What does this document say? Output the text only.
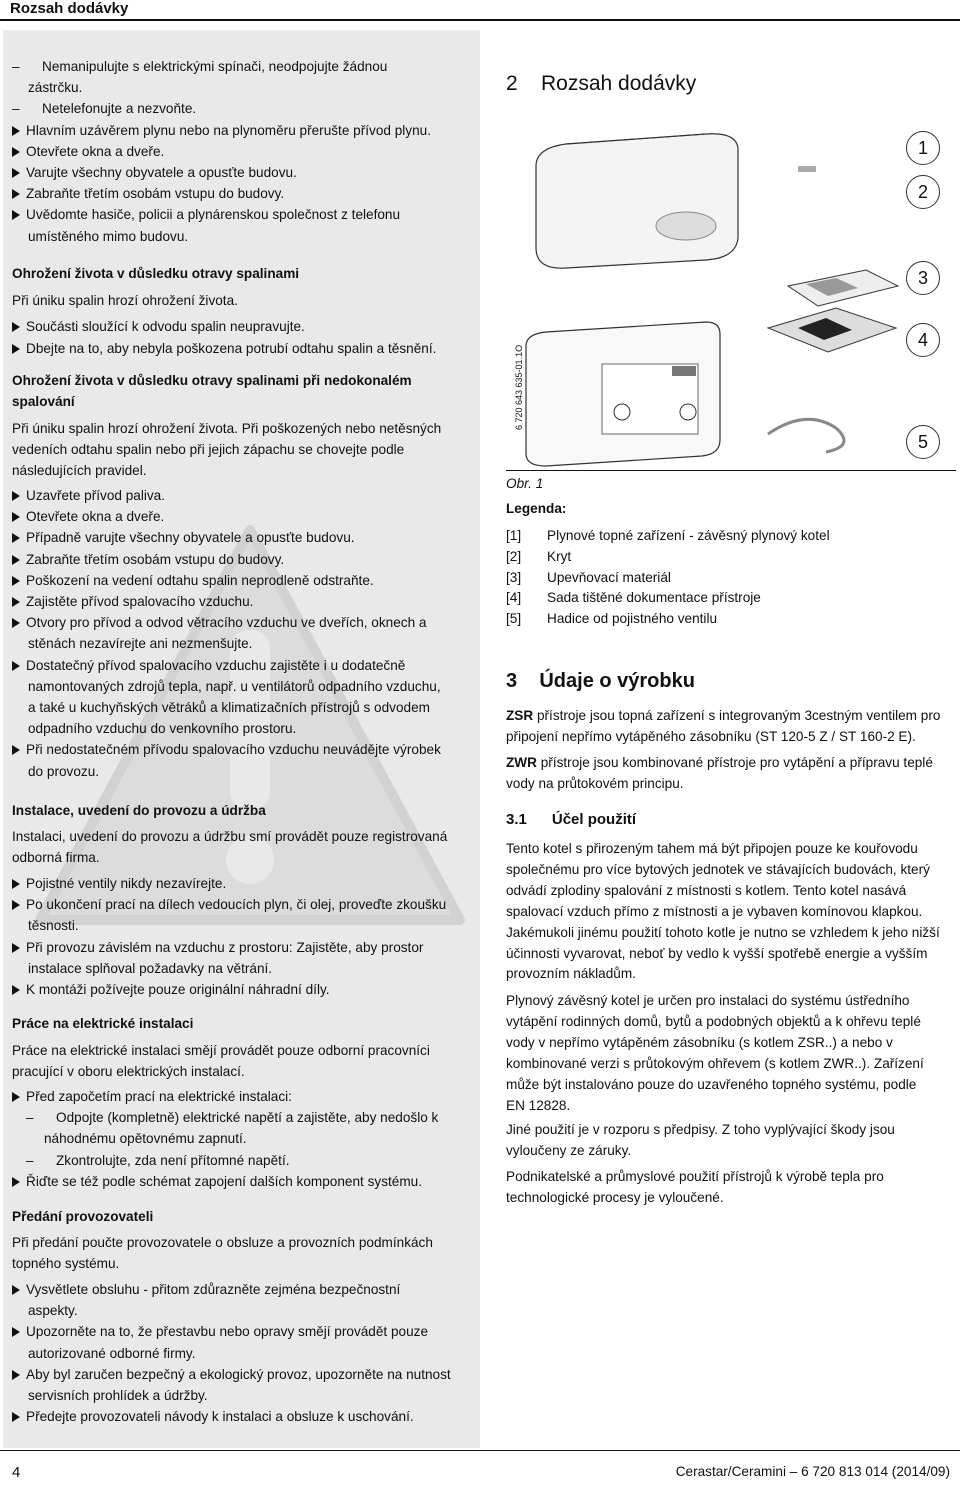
Rozsah dodávky
– Nemanipulujte s elektrickými spínači, neodpojujte žádnou
zástrčku.
– Netelefonujte a nezvoňte.
Hlavním uzávěrem plynu nebo na plynoměru přerušte přívod plynu.
Otevřete okna a dveře.
Varujte všechny obyvatele a opusťte budovu.
Zabraňte třetím osobám vstupu do budovy.
Uvědomte hasiče, policii a plynárenskou společnost z telefonu
umístěného mimo budovu.
Ohrožení života v důsledku otravy spalinami
Při úniku spalin hrozí ohrožení života.
Součásti sloužící k odvodu spalin neupravujte.
Dbejte na to, aby nebyla poškozena potrubí odtahu spalin a těsnění.
Ohrožení života v důsledku otravy spalinami při nedokonalém
spalování
Při úniku spalin hrozí ohrožení života. Při poškozených nebo netěsných
vedeních odtahu spalin nebo při jejich zápachu se chovejte podle
následujících pravidel.
Uzavřete přívod paliva.
Otevřete okna a dveře.
Případně varujte všechny obyvatele a opusťte budovu.
Zabraňte třetím osobám vstupu do budovy.
Poškození na vedení odtahu spalin neprodleně odstraňte.
Zajistěte přívod spalovacího vzduchu.
Otvory pro přívod a odvod větracího vzduchu ve dveřích, oknech a
stěnách nezavírejte ani nezmenšujte.
Dostatečný přívod spalovacího vzduchu zajistěte i u dodatečně
namontovaných zdrojů tepla, např. u ventilátorů odpadního vzduchu,
a také u kuchyňských větráků a klimatizačních přístrojů s odvodem
odpadního vzduchu do venkovního prostoru.
Při nedostatečném přívodu spalovacího vzduchu neuvádějte výrobek
do provozu.
Instalace, uvedení do provozu a údržba
Instalaci, uvedení do provozu a údržbu smí provádět pouze registrovaná
odborná firma.
Pojistné ventily nikdy nezavírejte.
Po ukončení prací na dílech vedoucích plyn, či olej, proveďte zkoušku
těsnosti.
Při provozu závislém na vzduchu z prostoru: Zajistěte, aby prostor
instalace splňoval požadavky na větrání.
K montáži požívejte pouze originální náhradní díly.
Práce na elektrické instalaci
Práce na elektrické instalaci smějí provádět pouze odborní pracovníci
pracující v oboru elektrických instalací.
Před započetím prací na elektrické instalaci:
– Odpojte (kompletně) elektrické napětí a zajistěte, aby nedošlo k
náhodnému opětovnému zapnutí.
– Zkontrolujte, zda není přítomné napětí.
Řiďte se též podle schémat zapojení dalších komponent systému.
Předání provozovateli
Při předání poučte provozovatele o obsluze a provozních podmínkách
topného systému.
Vysvětlete obsluhu - přitom zdůrazněte zejména bezpečnostní
aspekty.
Upozorněte na to, že přestavbu nebo opravy smějí provádět pouze
autorizované odborné firmy.
Aby byl zaručen bezpečný a ekologický provoz, upozorněte na nutnost
servisních prohlídek a údržby.
Předejte provozovateli návody k instalaci a obsluze k uschování.
2    Rozsah dodávky
6 720 643 635-01.1O
1
2
3
4
5
Obr. 1
Legenda:
[1] Plynové topné zařízení - závěsný plynový kotel
[2] Kryt
[3] Upevňovací materiál
[4] Sada tištěné dokumentace přístroje
[5] Hadice od pojistného ventilu
3    Údaje o výrobku
ZSR přístroje jsou topná zařízení s integrovaným 3cestným ventilem pro
připojení nepřímo vytápěného zásobníku (ST 120-5 Z / ST 160-2 E).
ZWR přístroje jsou kombinované přístroje pro vytápění a přípravu teplé
vody na průtokovém principu.
3.1      Účel použití
Tento kotel s přirozeným tahem má být připojen pouze ke kouřovodu
společnému pro více bytových jednotek ve stávajících budovách, který
odvádí zplodiny spalování z místnosti s kotlem. Tento kotel nasává
spalovací vzduch přímo z místnosti a je vybaven komínovou klapkou.
Jakémukoli jinému použití tohoto kotle je nutno se vzhledem k jeho nižší
účinnosti vyvarovat, neboť by vedlo k vyšší spotřebě energie a vyšším
provozním nákladům.
Plynový závěsný kotel je určen pro instalaci do systému ústředního
vytápění rodinných domů, bytů a podobných objektů a k ohřevu teplé
vody v nepřímo vytápěném zásobníku (s kotlem ZSR..) a nebo v
kombinované verzi s průtokovým ohřevem (s kotlem ZWR..). Zařízení
může být instalováno pouze do uzavřeného topného systému, podle
EN 12828.
Jiné použití je v rozporu s předpisy. Z toho vyplývající škody jsou
vyloučeny ze záruky.
Podnikatelské a průmyslové použití přístrojů k výrobě tepla pro
technologické procesy je vyloučené.
4	Cerastar/Ceramini – 6 720 813 014 (2014/09)
